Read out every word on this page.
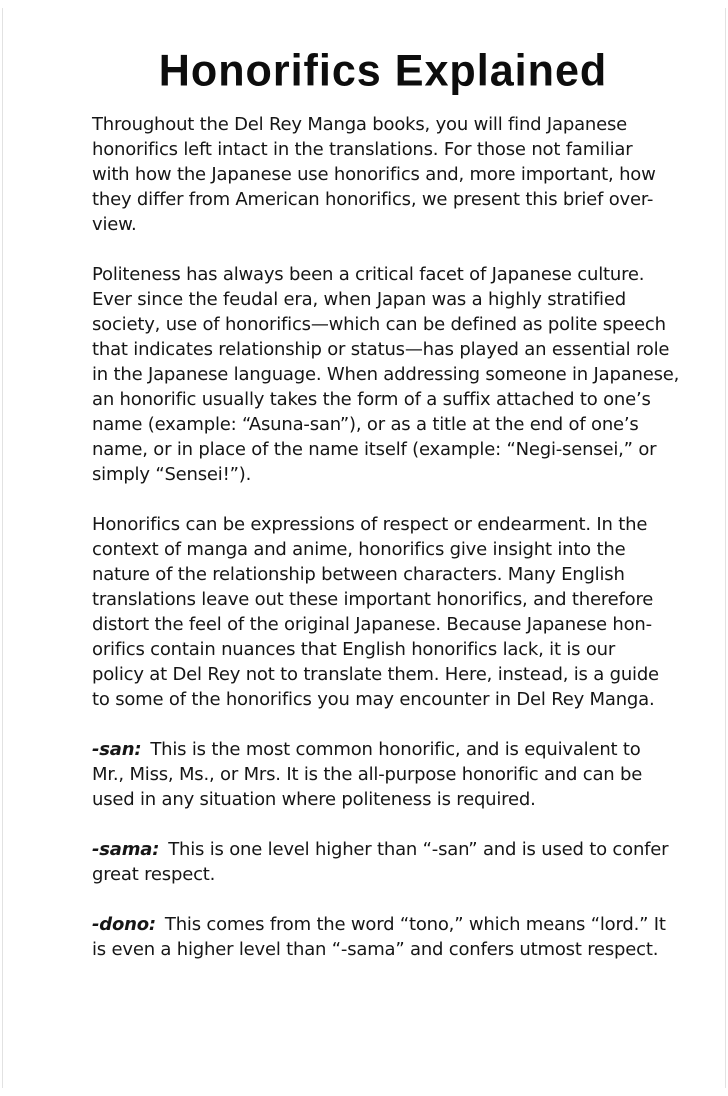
Honorifics Explained

Throughout the Del Rey Manga books, you will find Japanese
honorifics left intact in the translations. For those not familiar
with how the Japanese use honorifics and, more important, how
they differ from American honorifics, we present this brief over-
view.

Politeness has always been a critical facet of Japanese culture.
Ever since the feudal era, when Japan was a highly stratified
society, use of honorifics—which can be defined as polite speech
that indicates relationship or status—has played an essential role
in the Japanese language. When addressing someone in Japanese,
an honorific usually takes the form of a suffix attached to one’s
name (example: “Asuna-san”), or as a title at the end of one’s
name, or in place of the name itself (example: “Negi-sensei,” or
simply “Sensei!”).

Honorifics can be expressions of respect or endearment. In the
context of manga and anime, honorifics give insight into the
nature of the relationship between characters. Many English
translations leave out these important honorifics, and therefore
distort the feel of the original Japanese. Because Japanese hon-
orifics contain nuances that English honorifics lack, it is our
policy at Del Rey not to translate them. Here, instead, is a guide
to some of the honorifics you may encounter in Del Rey Manga.

-san: This is the most common honorific, and is equivalent to
Mr., Miss, Ms., or Mrs. It is the all-purpose honorific and can be
used in any situation where politeness is required.

-sama: This is one level higher than “-san” and is used to confer
great respect.

-dono: This comes from the word “tono,” which means “lord.” It
is even a higher level than “-sama” and confers utmost respect.
